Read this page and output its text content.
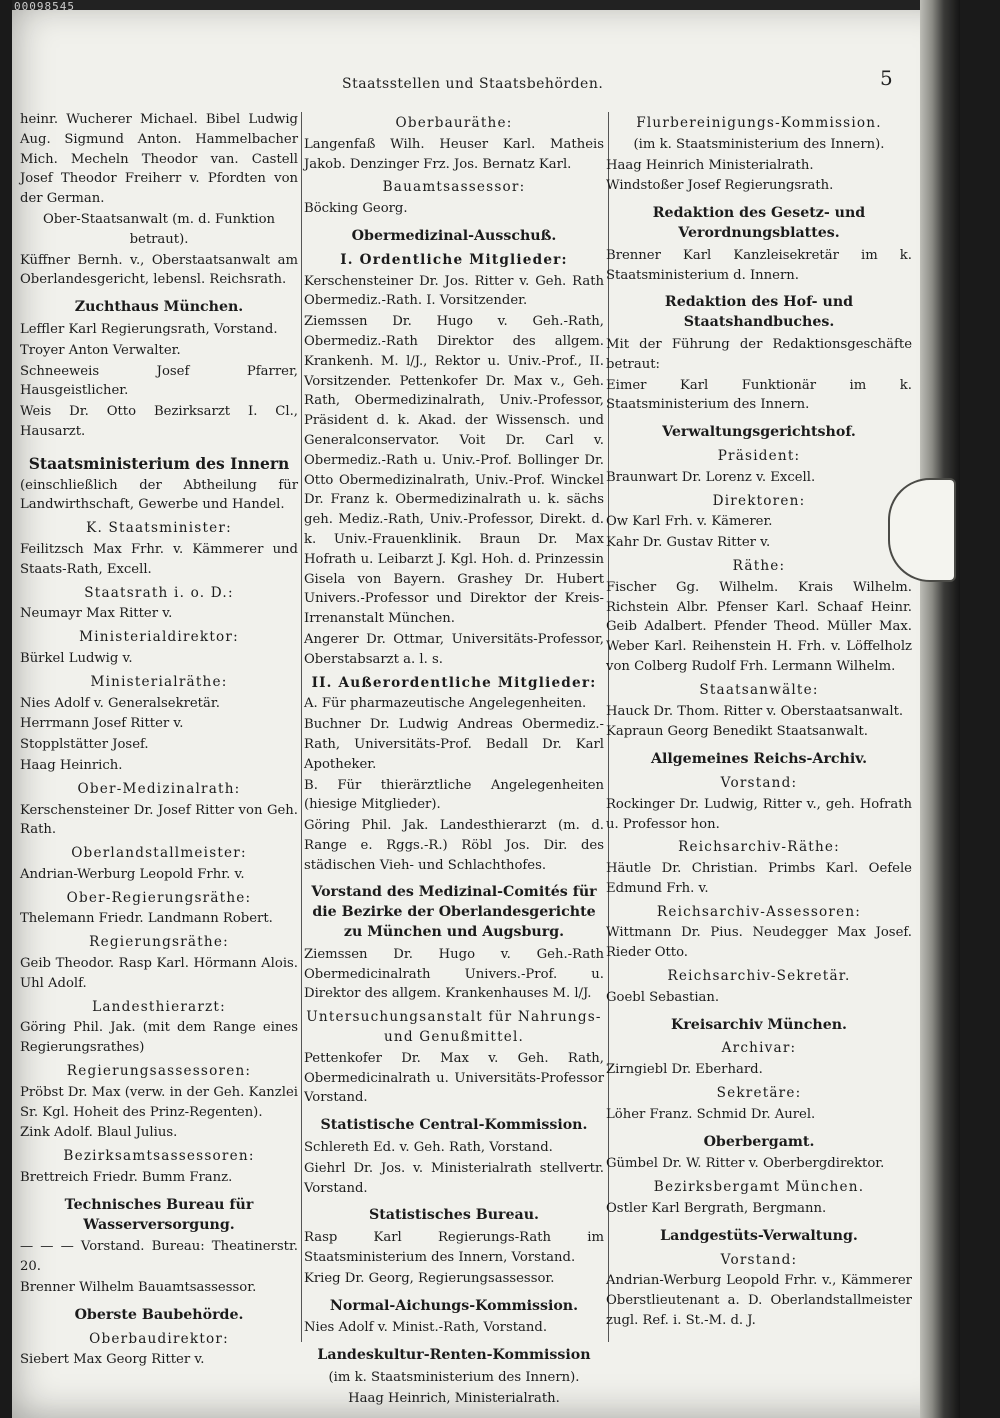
00098545
Staatsstellen und Staatsbehörden.	5

heinr. Wucherer Michael. Bibel Ludwig Aug. Sigmund Anton. Hammelbacher Mich. Mecheln Theodor van. Castell Josef Theodor Freiherr v. Pfordten von der German.

Ober-Staatsanwalt (m. d. Funktion betraut).

Küffner Bernh. v., Oberstaatsanwalt am Oberlandesgericht, lebensl. Reichsrath.

Zuchthaus München.

Leffler Karl Regierungsrath, Vorstand.

Troyer Anton Verwalter.

Schneeweis Josef Pfarrer, Hausgeistlicher.

Weis Dr. Otto Bezirksarzt I. Cl., Hausarzt.

Staatsministerium des Innern

(einschließlich der Abtheilung für Landwirthschaft, Gewerbe und Handel.

K. Staatsminister:

Feilitzsch Max Frhr. v. Kämmerer und Staats-Rath, Excell.

Staatsrath i. o. D.:

Neumayr Max Ritter v.

Ministerialdirektor:

Bürkel Ludwig v.

Ministerialräthe:

Nies Adolf v. Generalsekretär.

Herrmann Josef Ritter v.

Stopplstätter Josef.

Haag Heinrich.

Ober-Medizinalrath:

Kerschensteiner Dr. Josef Ritter von Geh. Rath.

Oberlandstallmeister:

Andrian-Werburg Leopold Frhr. v.

Ober-Regierungsräthe:

Thelemann Friedr. Landmann Robert.

Regierungsräthe:

Geib Theodor. Rasp Karl. Hörmann Alois. Uhl Adolf.

Landesthierarzt:

Göring Phil. Jak. (mit dem Range eines Regierungsrathes)

Regierungsassessoren:

Pröbst Dr. Max (verw. in der Geh. Kanzlei Sr. Kgl. Hoheit des Prinz-Regenten).

Zink Adolf. Blaul Julius.

Bezirksamtsassessoren:

Brettreich Friedr. Bumm Franz.

Technisches Bureau für Wasserversorgung.

— — — Vorstand. Bureau: Theatinerstr. 20.

Brenner Wilhelm Bauamtsassessor.

Oberste Baubehörde.
Oberbaudirektor:

Siebert Max Georg Ritter v.

Oberbauräthe:

Langenfaß Wilh. Heuser Karl. Matheis Jakob. Denzinger Frz. Jos. Bernatz Karl.

Bauamtsassessor:

Böcking Georg.

Obermedizinal-Ausschuß.
I. Ordentliche Mitglieder:

Kerschensteiner Dr. Jos. Ritter v. Geh. Rath Obermediz.-Rath. I. Vorsitzender.

Ziemssen Dr. Hugo v. Geh.-Rath, Obermediz.-Rath Direktor des allgem. Krankenh. M. l/J., Rektor u. Univ.-Prof., II. Vorsitzender. Pettenkofer Dr. Max v., Geh. Rath, Obermedizinalrath, Univ.-Professor, Präsident d. k. Akad. der Wissensch. und Generalconservator. Voit Dr. Carl v. Obermediz.-Rath u. Univ.-Prof. Bollinger Dr. Otto Obermedizinalrath, Univ.-Prof. Winckel Dr. Franz k. Obermedizinalrath u. k. sächs geh. Mediz.-Rath, Univ.-Professor, Direkt. d. k. Univ.-Frauenklinik. Braun Dr. Max Hofrath u. Leibarzt J. Kgl. Hoh. d. Prinzessin Gisela von Bayern. Grashey Dr. Hubert Univers.-Professor und Direktor der Kreis-Irrenanstalt München.

Angerer Dr. Ottmar, Universitäts-Professor, Oberstabsarzt a. l. s.

II. Außerordentliche Mitglieder:

A. Für pharmazeutische Angelegenheiten.

Buchner Dr. Ludwig Andreas Obermediz.-Rath, Universitäts-Prof. Bedall Dr. Karl Apotheker.

B. Für thierärztliche Angelegenheiten (hiesige Mitglieder).

Göring Phil. Jak. Landesthierarzt (m. d. Range e. Rggs.-R.) Röbl Jos. Dir. des städischen Vieh- und Schlachthofes.

Vorstand des Medizinal-Comités für die Bezirke der Oberlandesgerichte zu München und Augsburg.

Ziemssen Dr. Hugo v. Geh.-Rath Obermedicinalrath Univers.-Prof. u. Direktor des allgem. Krankenhauses M. l/J.

Untersuchungsanstalt für Nahrungs- und Genußmittel.

Pettenkofer Dr. Max v. Geh. Rath, Obermedicinalrath u. Universitäts-Professor Vorstand.

Statistische Central-Kommission.

Schlereth Ed. v. Geh. Rath, Vorstand.

Giehrl Dr. Jos. v. Ministerialrath stellvertr. Vorstand.

Statistisches Bureau.

Rasp Karl Regierungs-Rath im Staatsministerium des Innern, Vorstand.

Krieg Dr. Georg, Regierungsassessor.

Normal-Aichungs-Kommission.

Nies Adolf v. Minist.-Rath, Vorstand.

Landeskultur-Renten-Kommission

(im k. Staatsministerium des Innern).

Haag Heinrich, Ministerialrath.

Flurbereinigungs-Kommission.

(im k. Staatsministerium des Innern).

Haag Heinrich Ministerialrath.

Windstoßer Josef Regierungsrath.

Redaktion des Gesetz- und Verordnungsblattes.

Brenner Karl Kanzleisekretär im k. Staatsministerium d. Innern.

Redaktion des Hof- und Staatshandbuches.

Mit der Führung der Redaktionsgeschäfte betraut:

Eimer Karl Funktionär im k. Staatsministerium des Innern.

Verwaltungsgerichtshof.
Präsident:

Braunwart Dr. Lorenz v. Excell.

Direktoren:

Ow Karl Frh. v. Kämerer.

Kahr Dr. Gustav Ritter v.

Räthe:

Fischer Gg. Wilhelm. Krais Wilhelm. Richstein Albr. Pfenser Karl. Schaaf Heinr. Geib Adalbert. Pfender Theod. Müller Max. Weber Karl. Reihenstein H. Frh. v. Löffelholz von Colberg Rudolf Frh. Lermann Wilhelm.

Staatsanwälte:

Hauck Dr. Thom. Ritter v. Oberstaatsanwalt.

Kapraun Georg Benedikt Staatsanwalt.

Allgemeines Reichs-Archiv.
Vorstand:

Rockinger Dr. Ludwig, Ritter v., geh. Hofrath u. Professor hon.

Reichsarchiv-Räthe:

Häutle Dr. Christian. Primbs Karl. Oefele Edmund Frh. v.

Reichsarchiv-Assessoren:

Wittmann Dr. Pius. Neudegger Max Josef. Rieder Otto.

Reichsarchiv-Sekretär.

Goebl Sebastian.

Kreisarchiv München.
Archivar:

Zirngiebl Dr. Eberhard.

Sekretäre:

Löher Franz. Schmid Dr. Aurel.

Oberbergamt.

Gümbel Dr. W. Ritter v. Oberbergdirektor.

Bezirksbergamt München.

Ostler Karl Bergrath, Bergmann.

Landgestüts-Verwaltung.
Vorstand:

Andrian-Werburg Leopold Frhr. v., Kämmerer Oberstlieutenant a. D. Oberlandstallmeister zugl. Ref. i. St.-M. d. J.
